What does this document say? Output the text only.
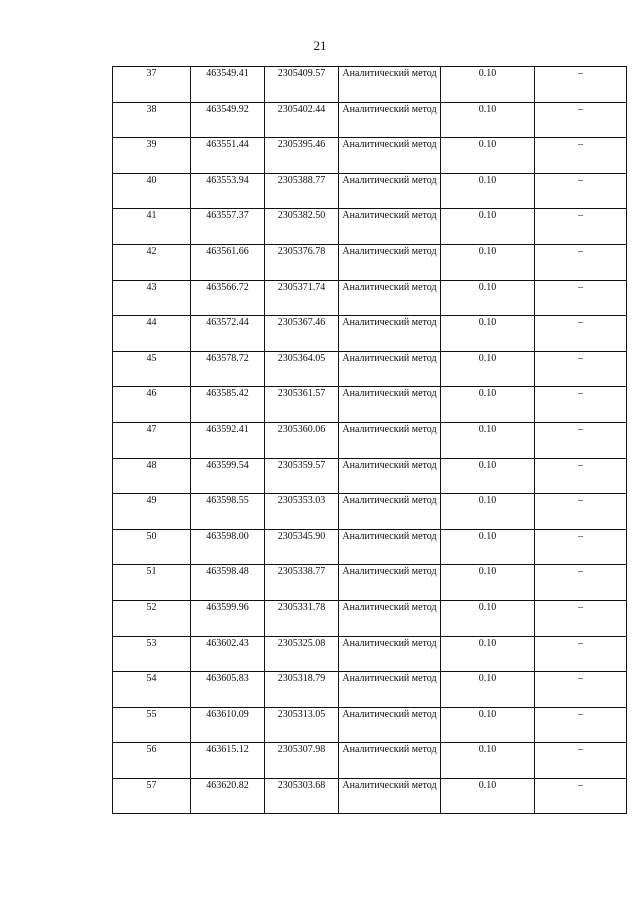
21
37	463549.41	2305409.57	Аналитический метод	0.10	–
38	463549.92	2305402.44	Аналитический метод	0.10	–
39	463551.44	2305395.46	Аналитический метод	0.10	–
40	463553.94	2305388.77	Аналитический метод	0.10	–
41	463557.37	2305382.50	Аналитический метод	0.10	–
42	463561.66	2305376.78	Аналитический метод	0.10	–
43	463566.72	2305371.74	Аналитический метод	0.10	–
44	463572.44	2305367.46	Аналитический метод	0.10	–
45	463578.72	2305364.05	Аналитический метод	0.10	–
46	463585.42	2305361.57	Аналитический метод	0.10	–
47	463592.41	2305360.06	Аналитический метод	0.10	–
48	463599.54	2305359.57	Аналитический метод	0.10	–
49	463598.55	2305353.03	Аналитический метод	0.10	–
50	463598.00	2305345.90	Аналитический метод	0.10	–
51	463598.48	2305338.77	Аналитический метод	0.10	–
52	463599.96	2305331.78	Аналитический метод	0.10	–
53	463602.43	2305325.08	Аналитический метод	0.10	–
54	463605.83	2305318.79	Аналитический метод	0.10	–
55	463610.09	2305313.05	Аналитический метод	0.10	–
56	463615.12	2305307.98	Аналитический метод	0.10	–
57	463620.82	2305303.68	Аналитический метод	0.10	–
